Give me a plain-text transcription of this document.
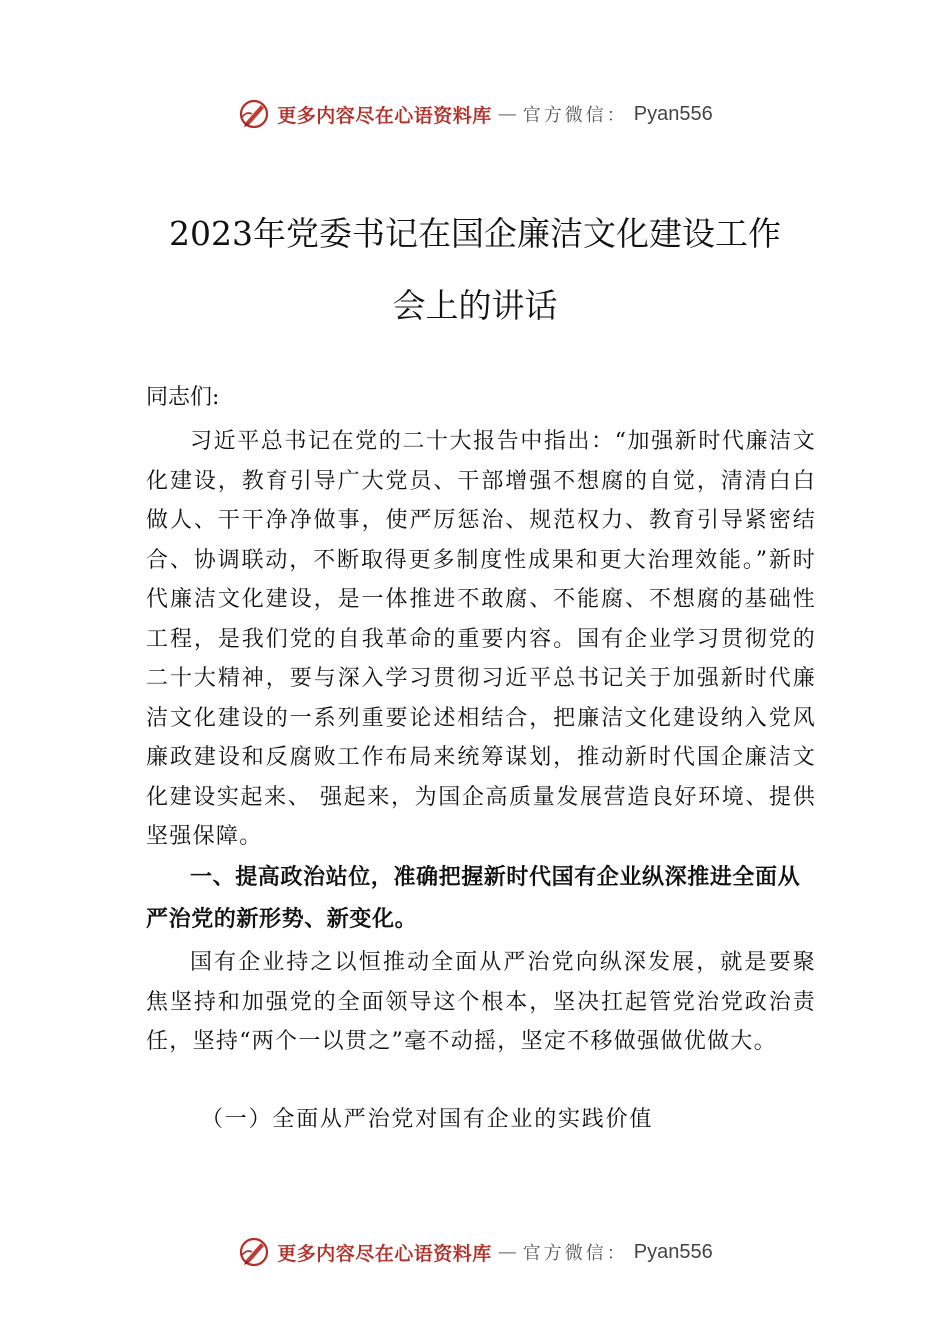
更多内容尽在心语资料库 — 官方微信： Pyan556
2023年党委书记在国企廉洁文化建设工作
会上的讲话
同志们:

习近平总书记在党的二十大报告中指出：“加强新时代廉洁文化建设，教育引导广大党员、干部增强不想腐的自觉，清清白白做人、干干净净做事，使严厉惩治、规范权力、教育引导紧密结合、协调联动，不断取得更多制度性成果和更大治理效能。”新时代廉洁文化建设，是一体推进不敢腐、不能腐、不想腐的基础性工程，是我们党的自我革命的重要内容。国有企业学习贯彻党的二十大精神，要与深入学习贯彻习近平总书记关于加强新时代廉洁文化建设的一系列重要论述相结合，把廉洁文化建设纳入党风廉政建设和反腐败工作布局来统筹谋划，推动新时代国企廉洁文化建设实起来、 强起来，为国企高质量发展营造良好环境、提供坚强保障。

一、提高政治站位，准确把握新时代国有企业纵深推进全面从严治党的新形势、新变化。

国有企业持之以恒推动全面从严治党向纵深发展，就是要聚焦坚持和加强党的全面领导这个根本，坚决扛起管党治党政治责任，坚持“两个一以贯之”毫不动摇，坚定不移做强做优做大。

（一）全面从严治党对国有企业的实践价值
更多内容尽在心语资料库 — 官方微信： Pyan556
